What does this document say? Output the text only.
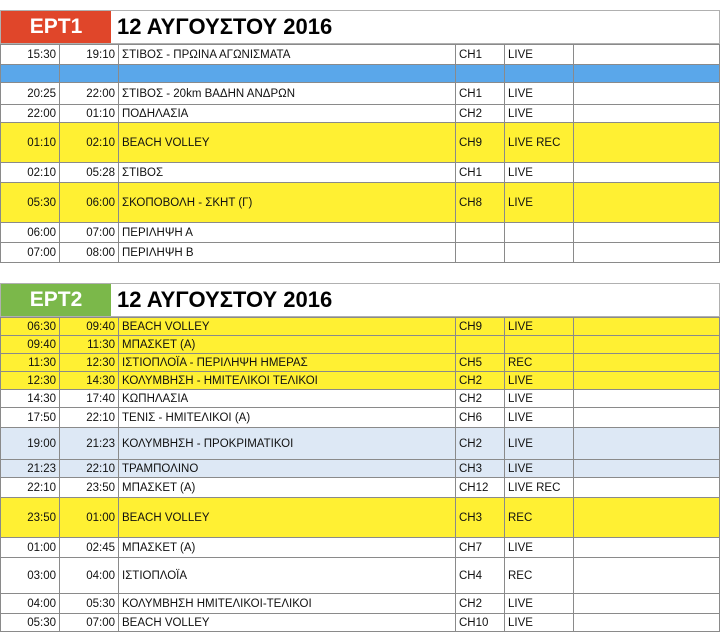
ΕΡΤ1	12 ΑΥΓΟΥΣΤΟΥ 2016
15:30	19:10	ΣΤΙΒΟΣ - ΠΡΩΙΝΑ ΑΓΩΝΙΣΜΑΤΑ	CH1	LIVE	

20:25	22:00	ΣΤΙΒΟΣ - 20km ΒΑΔΗΝ ΑΝΔΡΩΝ	CH1	LIVE	
22:00	01:10	ΠΟΔΗΛΑΣΙΑ	CH2	LIVE	
01:10	02:10	BEACH VOLLEY	CH9	LIVE REC	
02:10	05:28	ΣΤΙΒΟΣ	CH1	LIVE	
05:30	06:00	ΣΚΟΠΟΒΟΛΗ - ΣΚΗΤ (Γ)	CH8	LIVE	
06:00	07:00	ΠΕΡΙΛΗΨΗ Α			
07:00	08:00	ΠΕΡΙΛΗΨΗ Β			
ΕΡΤ2	12 ΑΥΓΟΥΣΤΟΥ 2016
06:30	09:40	BEACH VOLLEY	CH9	LIVE	
09:40	11:30	ΜΠΑΣΚΕΤ (Α)			
11:30	12:30	ΙΣΤΙΟΠΛΟΪΑ - ΠΕΡΙΛΗΨΗ ΗΜΕΡΑΣ	CH5	REC	
12:30	14:30	ΚΟΛΥΜΒΗΣΗ - ΗΜΙΤΕΛΙΚΟΙ ΤΕΛΙΚΟΙ	CH2	LIVE	
14:30	17:40	ΚΩΠΗΛΑΣΙΑ	CH2	LIVE	
17:50	22:10	ΤΕΝΙΣ - ΗΜΙΤΕΛΙΚΟΙ (Α)	CH6	LIVE	
19:00	21:23	ΚΟΛΥΜΒΗΣΗ - ΠΡΟΚΡΙΜΑΤΙΚΟΙ	CH2	LIVE	
21:23	22:10	ΤΡΑΜΠΟΛΙΝΟ	CH3	LIVE	
22:10	23:50	ΜΠΑΣΚΕΤ (Α)	CH12	LIVE REC	
23:50	01:00	BEACH VOLLEY	CH3	REC	
01:00	02:45	ΜΠΑΣΚΕΤ (Α)	CH7	LIVE	
03:00	04:00	ΙΣΤΙΟΠΛΟΪΑ	CH4	REC	
04:00	05:30	ΚΟΛΥΜΒΗΣΗ ΗΜΙΤΕΛΙΚΟΙ-ΤΕΛΙΚΟΙ	CH2	LIVE	
05:30	07:00	BEACH VOLLEY	CH10	LIVE	
